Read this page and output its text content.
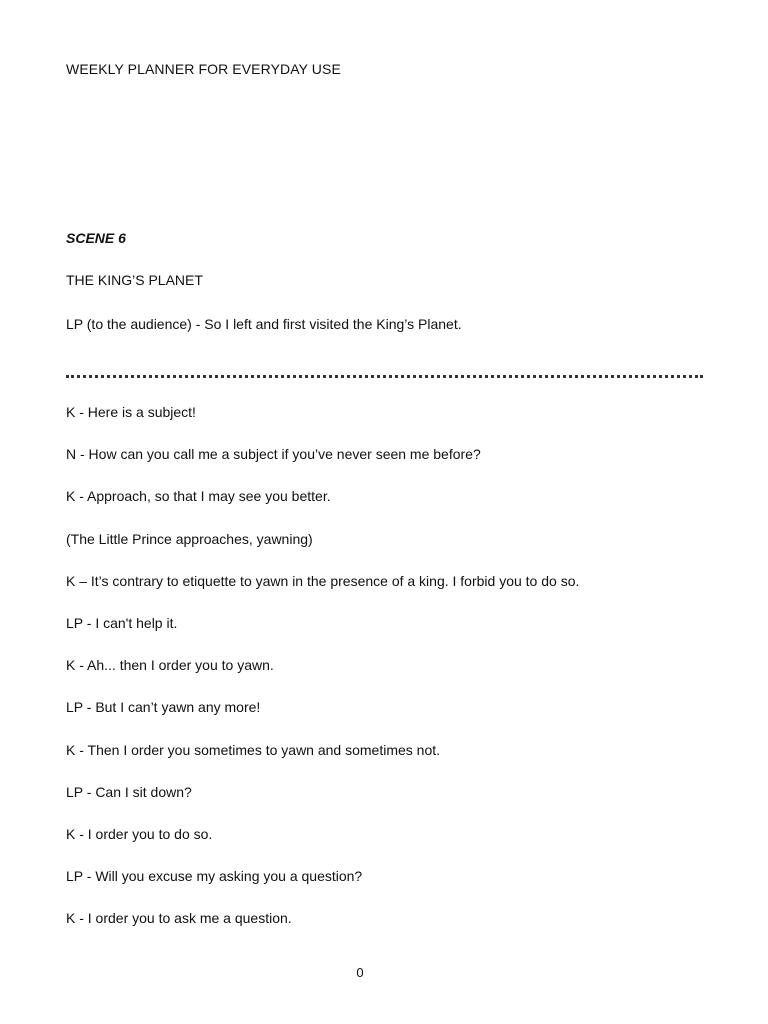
WEEKLY PLANNER FOR EVERYDAY USE
SCENE 6
THE KING’S PLANET
LP (to the audience) - So I left and first visited the King’s Planet.
K - Here is a subject!
N - How can you call me a subject if you’ve never seen me before?
K - Approach, so that I may see you better.
(The Little Prince approaches, yawning)
K – It’s contrary to etiquette to yawn in the presence of a king. I forbid you to do so.
LP - I can't help it.
K - Ah... then I order you to yawn.
LP - But I can’t yawn any more!
K - Then I order you sometimes to yawn and sometimes not.
LP - Can I sit down?
K - I order you to do so.
LP - Will you excuse my asking you a question?
K - I order you to ask me a question.
0
